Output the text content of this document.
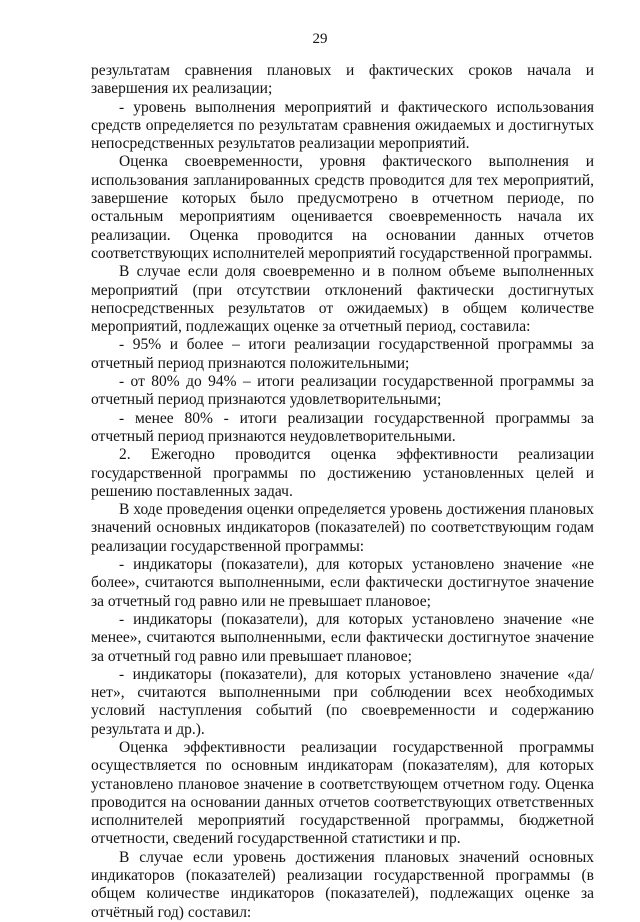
29

результатам сравнения плановых и фактических сроков начала и завершения их реализации;

- уровень выполнения мероприятий и фактического использования средств определяется по результатам сравнения ожидаемых и достигнутых непосредственных результатов реализации мероприятий.

Оценка своевременности, уровня фактического выполнения и использования запланированных средств проводится для тех мероприятий, завершение которых было предусмотрено в отчетном периоде, по остальным мероприятиям оценивается своевременность начала их реализации. Оценка проводится на основании данных отчетов соответствующих исполнителей мероприятий государственной программы.

В случае если доля своевременно и в полном объеме выполненных мероприятий (при отсутствии отклонений фактически достигнутых непосредственных результатов от ожидаемых) в общем количестве мероприятий, подлежащих оценке за отчетный период, составила:

- 95% и более – итоги реализации государственной программы за отчетный период признаются положительными;

- от 80% до 94% – итоги реализации государственной программы за отчетный период признаются удовлетворительными;

- менее 80% - итоги реализации государственной программы за отчетный период признаются неудовлетворительными.

2. Ежегодно проводится оценка эффективности реализации государственной программы по достижению установленных целей и решению поставленных задач.

В ходе проведения оценки определяется уровень достижения плановых значений основных индикаторов (показателей) по соответствующим годам реализации государственной программы:

- индикаторы (показатели), для которых установлено значение «не более», считаются выполненными, если фактически достигнутое значение за отчетный год равно или не превышает плановое;

- индикаторы (показатели), для которых установлено значение «не менее», считаются выполненными, если фактически достигнутое значение за отчетный год равно или превышает плановое;

- индикаторы (показатели), для которых установлено значение «да/нет», считаются выполненными при соблюдении всех необходимых условий наступления событий (по своевременности и содержанию результата и др.).

Оценка эффективности реализации государственной программы осуществляется по основным индикаторам (показателям), для которых установлено плановое значение в соответствующем отчетном году. Оценка проводится на основании данных отчетов соответствующих ответственных исполнителей мероприятий государственной программы, бюджетной отчетности, сведений государственной статистики и пр.

В случае если уровень достижения плановых значений основных индикаторов (показателей) реализации государственной программы (в общем количестве индикаторов (показателей), подлежащих оценке за отчётный год) составил:
